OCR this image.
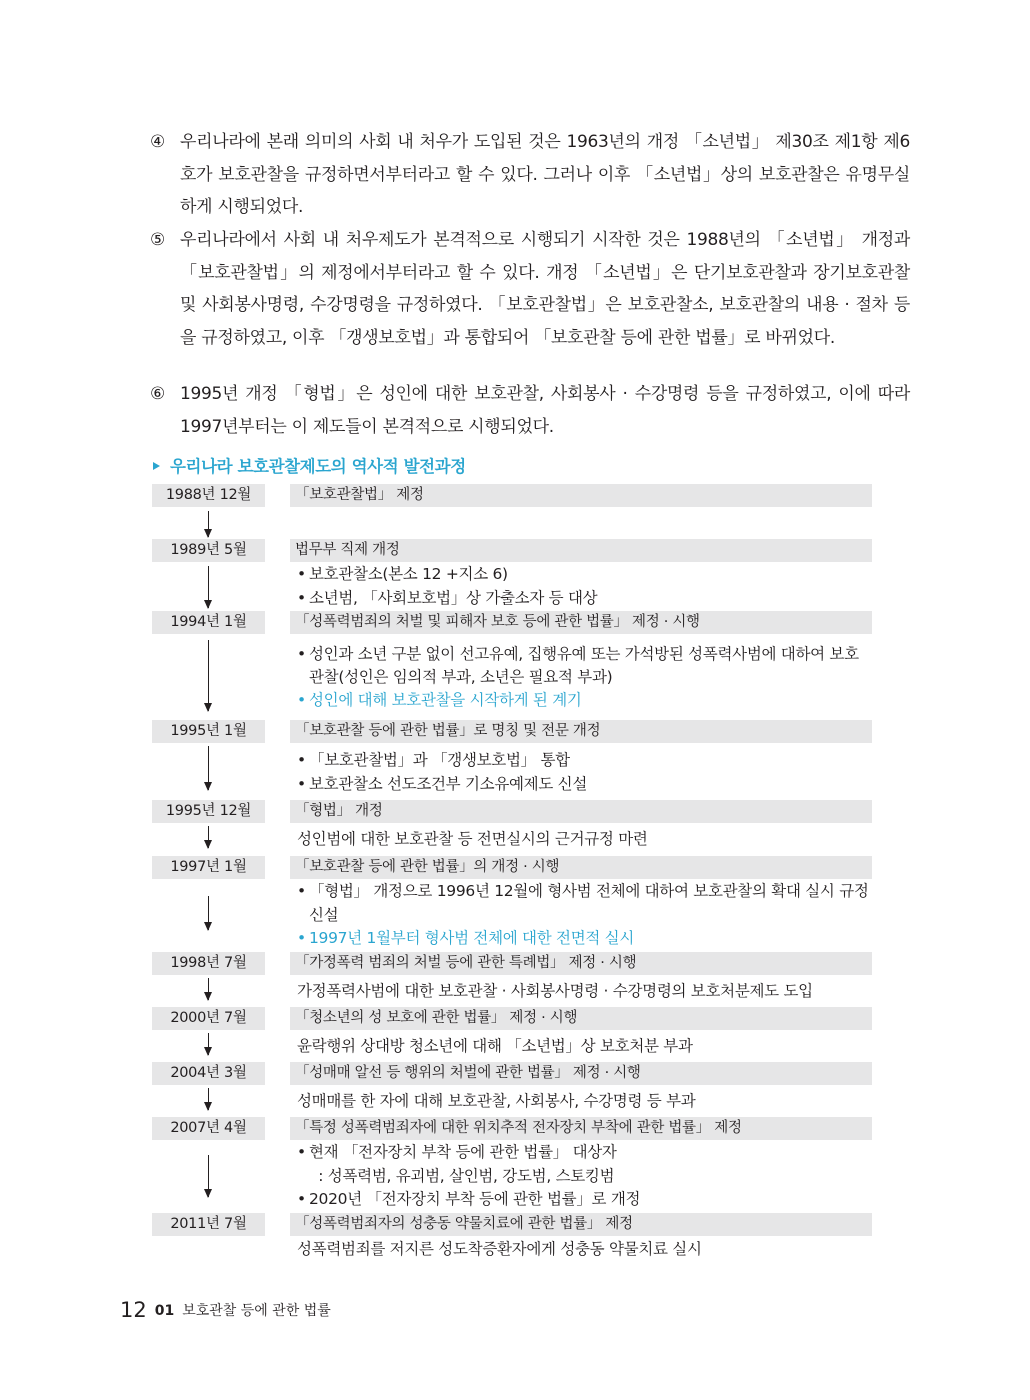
④ 우리나라에 본래 의미의 사회 내 처우가 도입된 것은 1963년의 개정 「소년법」 제30조 제1항 제6호가 보호관찰을 규정하면서부터라고 할 수 있다. 그러나 이후 「소년법」상의 보호관찰은 유명무실하게 시행되었다.
⑤ 우리나라에서 사회 내 처우제도가 본격적으로 시행되기 시작한 것은 1988년의 「소년법」 개정과 「보호관찰법」의 제정에서부터라고 할 수 있다. 개정 「소년법」은 단기보호관찰과 장기보호관찰 및 사회봉사명령, 수강명령을 규정하였다. 「보호관찰법」은 보호관찰소, 보호관찰의 내용 · 절차 등을 규정하였고, 이후 「갱생보호법」과 통합되어 「보호관찰 등에 관한 법률」로 바뀌었다.
⑥ 1995년 개정 「형법」은 성인에 대한 보호관찰, 사회봉사 · 수강명령 등을 규정하였고, 이에 따라 1997년부터는 이 제도들이 본격적으로 시행되었다.
우리나라 보호관찰제도의 역사적 발전과정
1988년 12월	「보호관찰법」 제정
1989년 5월	법무부 직제 개정
• 보호관찰소(본소 12 +지소 6)
• 소년범, 「사회보호법」상 가출소자 등 대상
1994년 1월	「성폭력범죄의 처벌 및 피해자 보호 등에 관한 법률」 제정 · 시행
• 성인과 소년 구분 없이 선고유예, 집행유예 또는 가석방된 성폭력사범에 대하여 보호
관찰(성인은 임의적 부과, 소년은 필요적 부과)
• 성인에 대해 보호관찰을 시작하게 된 계기
1995년 1월	「보호관찰 등에 관한 법률」로 명칭 및 전문 개정
• 「보호관찰법」과 「갱생보호법」 통합
• 보호관찰소 선도조건부 기소유예제도 신설
1995년 12월	「형법」 개정
성인범에 대한 보호관찰 등 전면실시의 근거규정 마련
1997년 1월	「보호관찰 등에 관한 법률」의 개정 · 시행
• 「형법」 개정으로 1996년 12월에 형사범 전체에 대하여 보호관찰의 확대 실시 규정
신설
• 1997년 1월부터 형사범 전체에 대한 전면적 실시
1998년 7월	「가정폭력 범죄의 처벌 등에 관한 특례법」 제정 · 시행
가정폭력사범에 대한 보호관찰 · 사회봉사명령 · 수강명령의 보호처분제도 도입
2000년 7월	「청소년의 성 보호에 관한 법률」 제정 · 시행
윤락행위 상대방 청소년에 대해 「소년법」상 보호처분 부과
2004년 3월	「성매매 알선 등 행위의 처벌에 관한 법률」 제정 · 시행
성매매를 한 자에 대해 보호관찰, 사회봉사, 수강명령 등 부과
2007년 4월	「특정 성폭력범죄자에 대한 위치추적 전자장치 부착에 관한 법률」 제정
• 현재 「전자장치 부착 등에 관한 법률」 대상자
: 성폭력범, 유괴범, 살인범, 강도범, 스토킹범
• 2020년 「전자장치 부착 등에 관한 법률」로 개정
2011년 7월	「성폭력범죄자의 성충동 약물치료에 관한 법률」 제정
성폭력범죄를 저지른 성도착증환자에게 성충동 약물치료 실시
12 01 보호관찰 등에 관한 법률
